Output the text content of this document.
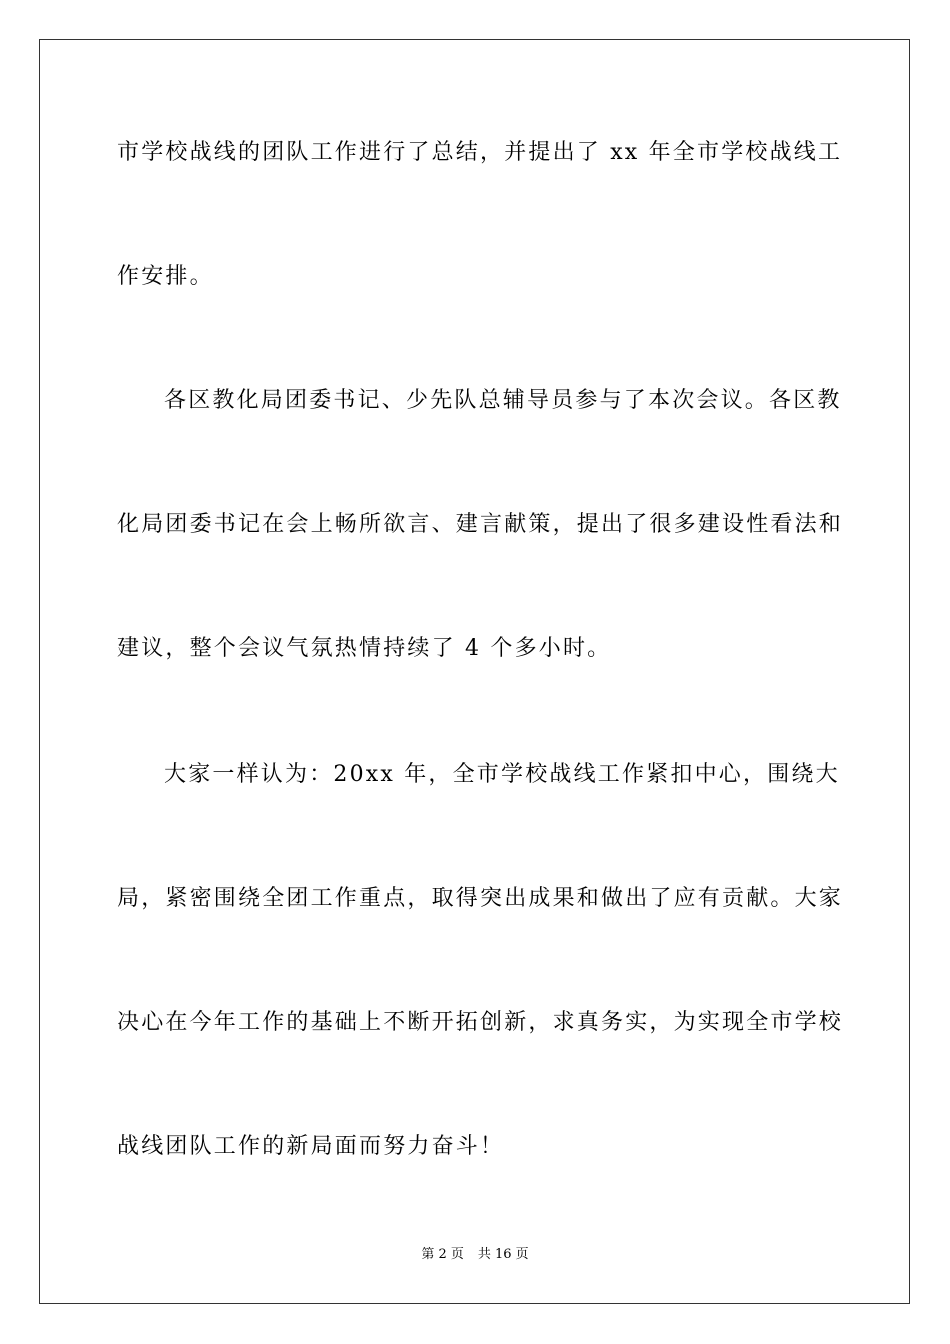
市学校战线的团队工作进行了总结，并提出了 xx 年全市学校战线工
作安排。
各区教化局团委书记、少先队总辅导员参与了本次会议。各区教
化局团委书记在会上畅所欲言、建言献策，提出了很多建设性看法和
建议，整个会议气氛热情持续了 4 个多小时。
大家一样认为：20xx 年，全市学校战线工作紧扣中心，围绕大
局，紧密围绕全团工作重点，取得突出成果和做出了应有贡献。大家
决心在今年工作的基础上不断开拓创新，求真务实，为实现全市学校
战线团队工作的新局面而努力奋斗！
第 2 页 共 16 页
